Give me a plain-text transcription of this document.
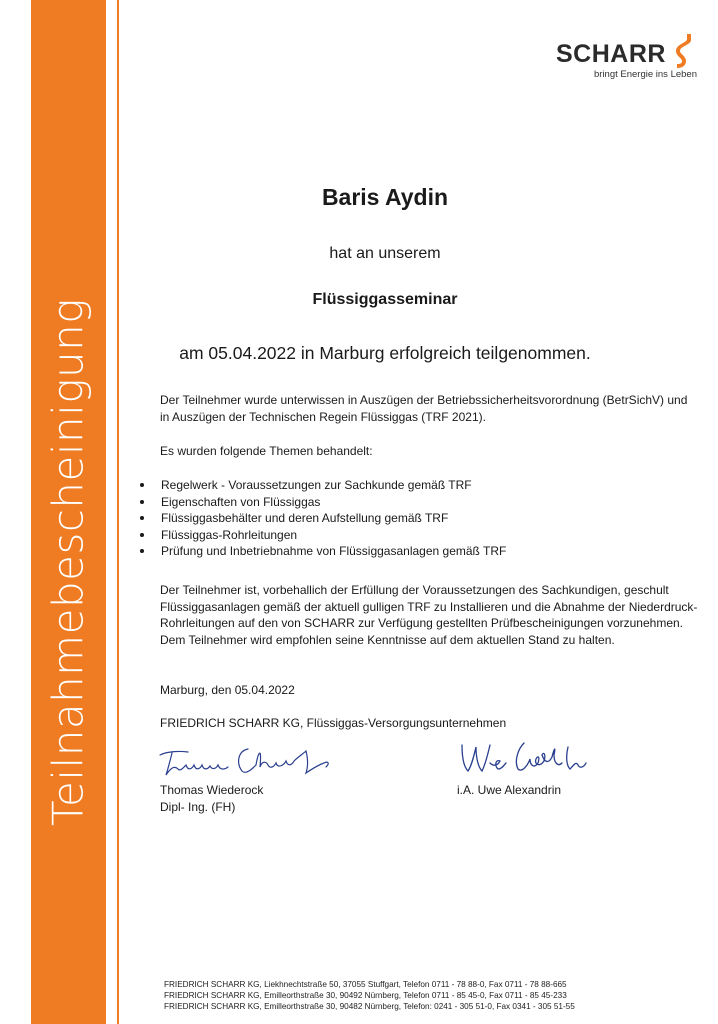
Teilnahmebescheinigung
SCHARR
bringt Energie ins Leben
Baris Aydin
hat an unserem
Flüssiggasseminar
am 05.04.2022 in Marburg erfolgreich teilgenommen.
Der Teilnehmer wurde unterwissen in Auszügen der Betriebssicherheitsvorordnung (BetrSichV) und
in Auszügen der Technischen Regein Flüssiggas (TRF 2021).
Es wurden folgende Themen behandelt:
Regelwerk - Voraussetzungen zur Sachkunde gemäß TRF
Eigenschaften von Flüssiggas
Flüssiggasbehälter und deren Aufstellung gemäß TRF
Flüssiggas-Rohrleitungen
Prüfung und Inbetriebnahme von Flüssiggasanlagen gemäß TRF
Der Teilnehmer ist, vorbehallich der Erfüllung der Voraussetzungen des Sachkundigen, geschult
Flüssiggasanlagen gemäß der aktuell gulligen TRF zu Installieren und die Abnahme der Niederdruck-
Rohrleitungen auf den von SCHARR zur Verfügung gestellten Prüfbescheinigungen vorzunehmen.
Dem Teilnehmer wird empfohlen seine Kenntnisse auf dem aktuellen Stand zu halten.
Marburg, den 05.04.2022
FRIEDRICH SCHARR KG, Flüssiggas-Versorgungsunternehmen
Thomas Wiederock
Dipl- Ing. (FH)
i.A. Uwe Alexandrin
FRIEDRICH SCHARR KG, Liekhnechtstraße 50, 37055 Stuffgart, Telefon 0711 - 78 88-0, Fax 0711 - 78 88-665
FRIEDRICH SCHARR KG, Emilleorthstraße 30, 90492 Nürnberg, Telefon 0711 - 85 45-0, Fax 0711 - 85 45-233
FRIEDRICH SCHARR KG, Emilleorthstraße 30, 90482 Nürnberg, Telefon: 0241 - 305 51-0, Fax 0341 - 305 51-55
